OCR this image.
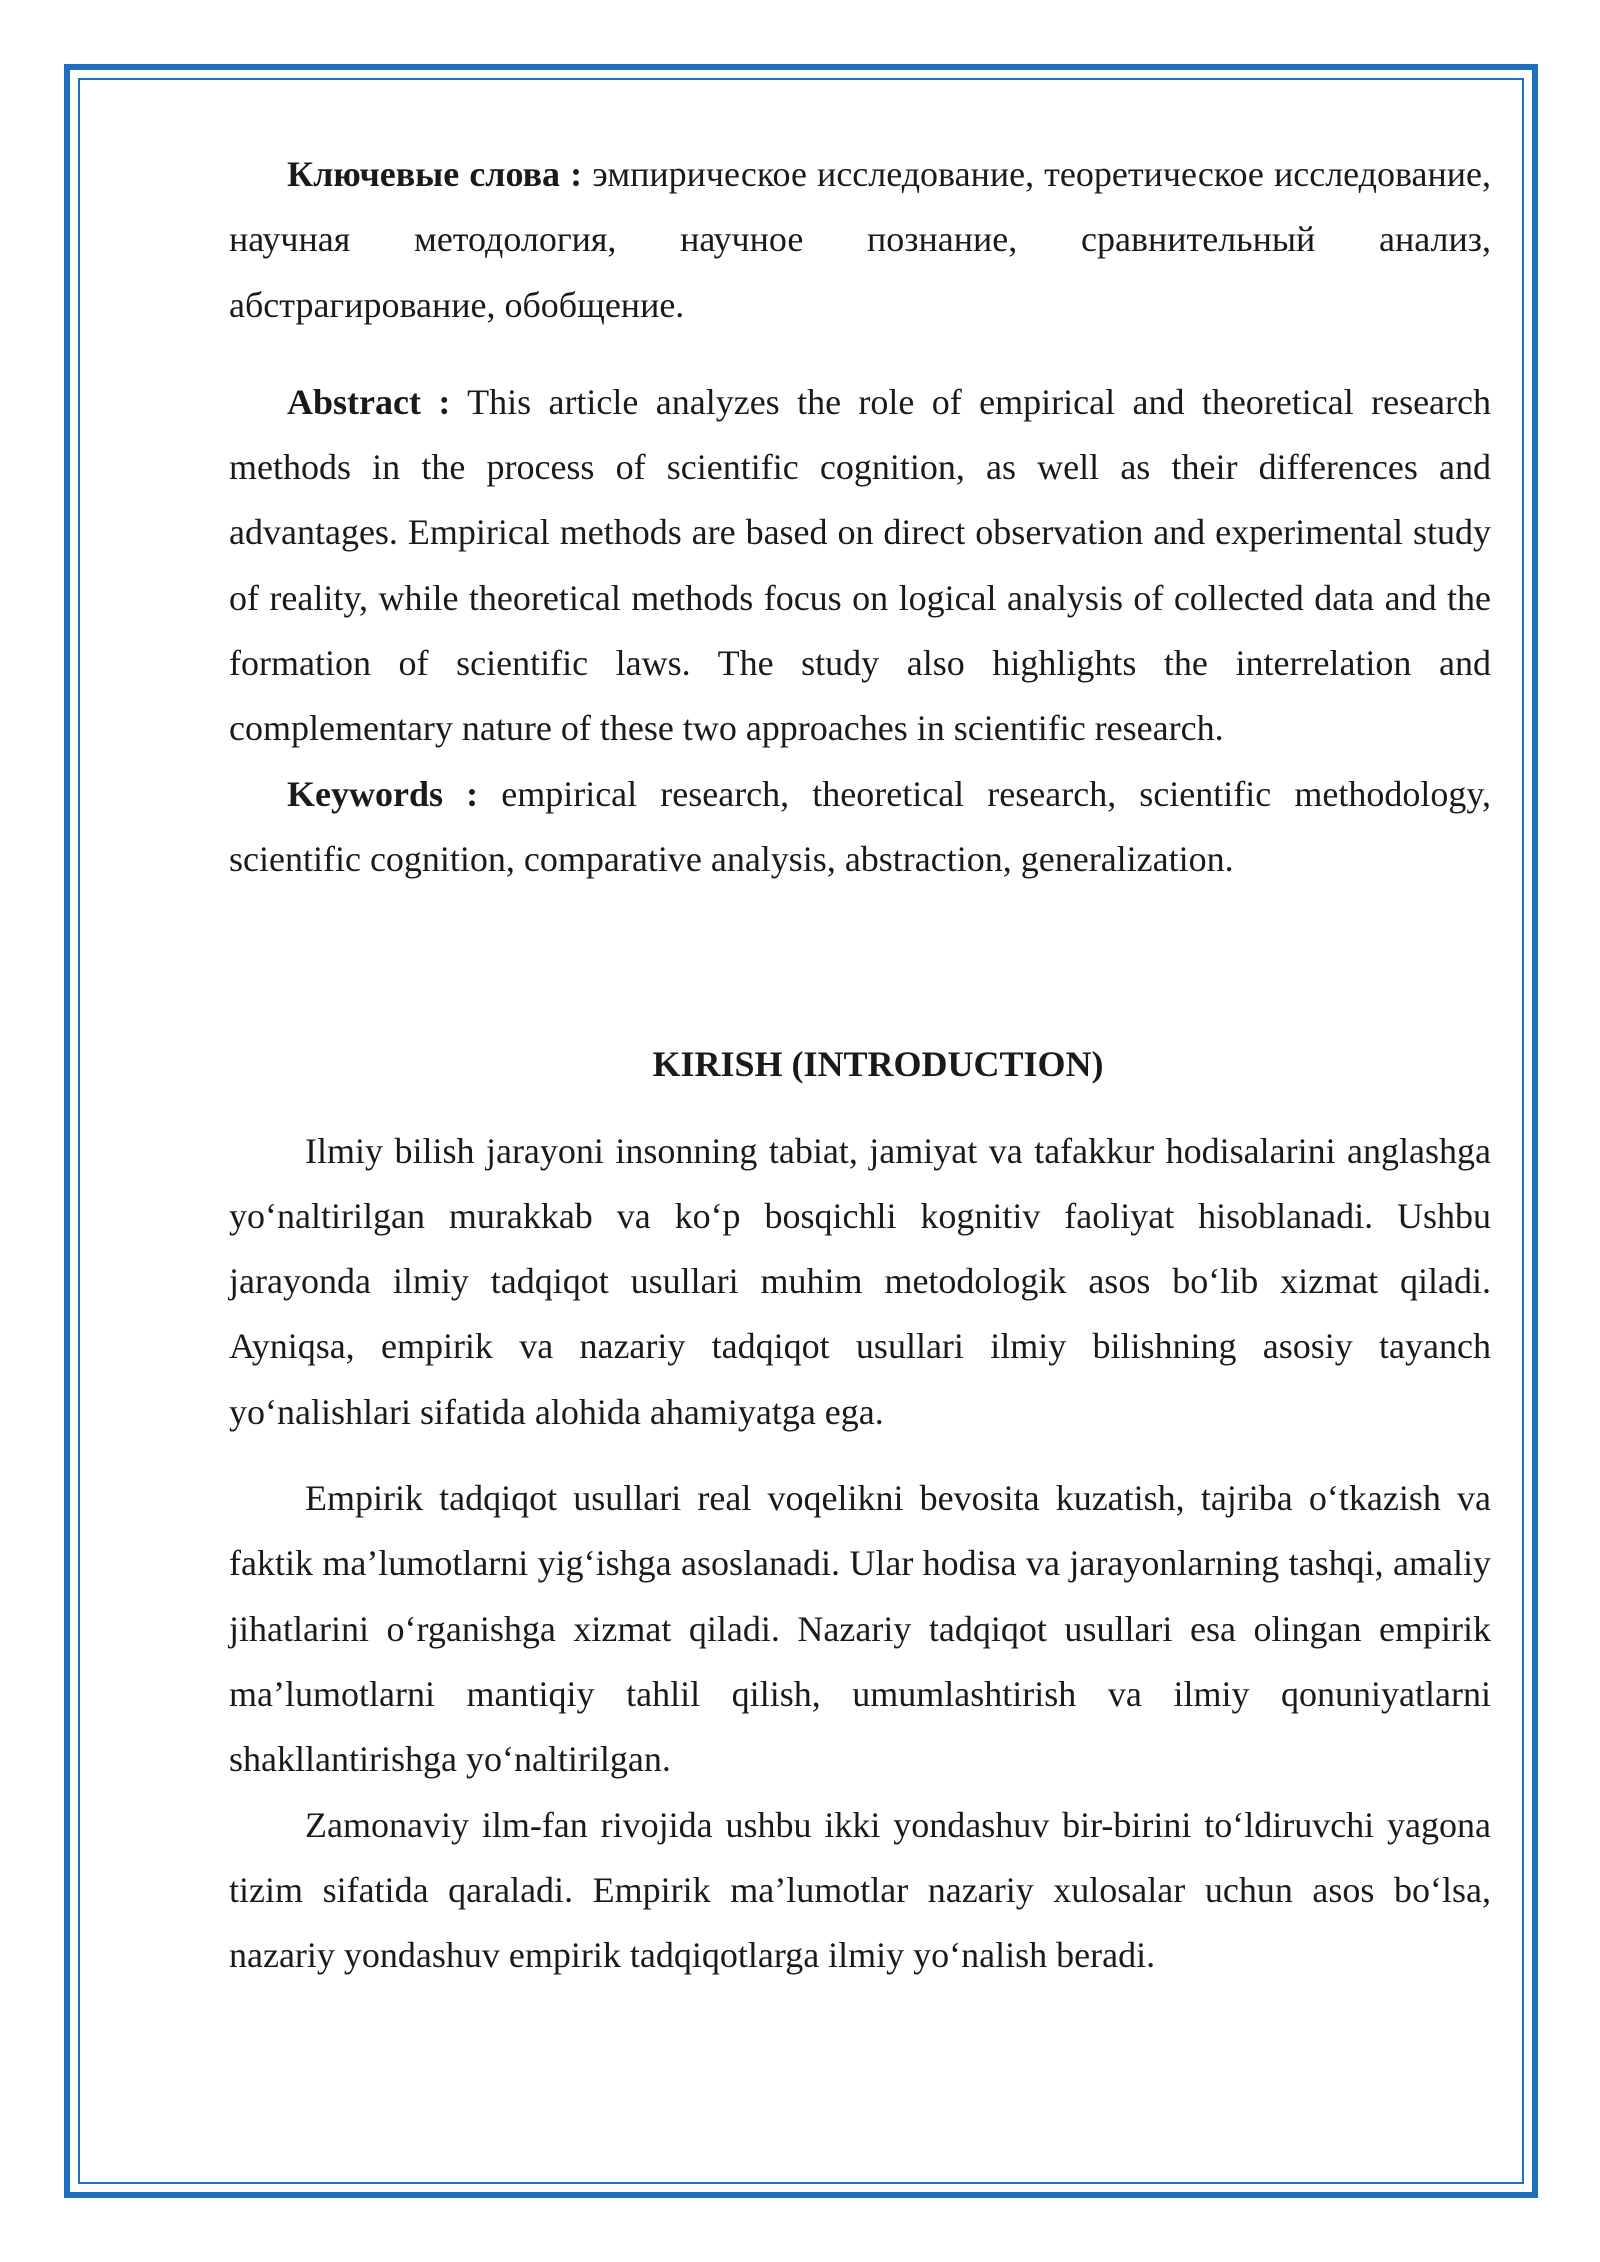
Ключевые слова : эмпирическое исследование, теоретическое исследование, научная методология, научное познание, сравнительный анализ, абстрагирование, обобщение.

Abstract : This article analyzes the role of empirical and theoretical research methods in the process of scientific cognition, as well as their differences and advantages. Empirical methods are based on direct observation and experimental study of reality, while theoretical methods focus on logical analysis of collected data and the formation of scientific laws. The study also highlights the interrelation and complementary nature of these two approaches in scientific research.

Keywords : empirical research, theoretical research, scientific methodology, scientific cognition, comparative analysis, abstraction, generalization.

KIRISH (INTRODUCTION)

Ilmiy bilish jarayoni insonning tabiat, jamiyat va tafakkur hodisalarini anglashga yo‘naltirilgan murakkab va ko‘p bosqichli kognitiv faoliyat hisoblanadi. Ushbu jarayonda ilmiy tadqiqot usullari muhim metodologik asos bo‘lib xizmat qiladi. Ayniqsa, empirik va nazariy tadqiqot usullari ilmiy bilishning asosiy tayanch yo‘nalishlari sifatida alohida ahamiyatga ega.

Empirik tadqiqot usullari real voqelikni bevosita kuzatish, tajriba o‘tkazish va faktik ma’lumotlarni yig‘ishga asoslanadi. Ular hodisa va jarayonlarning tashqi, amaliy jihatlarini o‘rganishga xizmat qiladi. Nazariy tadqiqot usullari esa olingan empirik ma’lumotlarni mantiqiy tahlil qilish, umumlashtirish va ilmiy qonuniyatlarni shakllantirishga yo‘naltirilgan.

Zamonaviy ilm-fan rivojida ushbu ikki yondashuv bir-birini to‘ldiruvchi yagona tizim sifatida qaraladi. Empirik ma’lumotlar nazariy xulosalar uchun asos bo‘lsa, nazariy yondashuv empirik tadqiqotlarga ilmiy yo‘nalish beradi.
